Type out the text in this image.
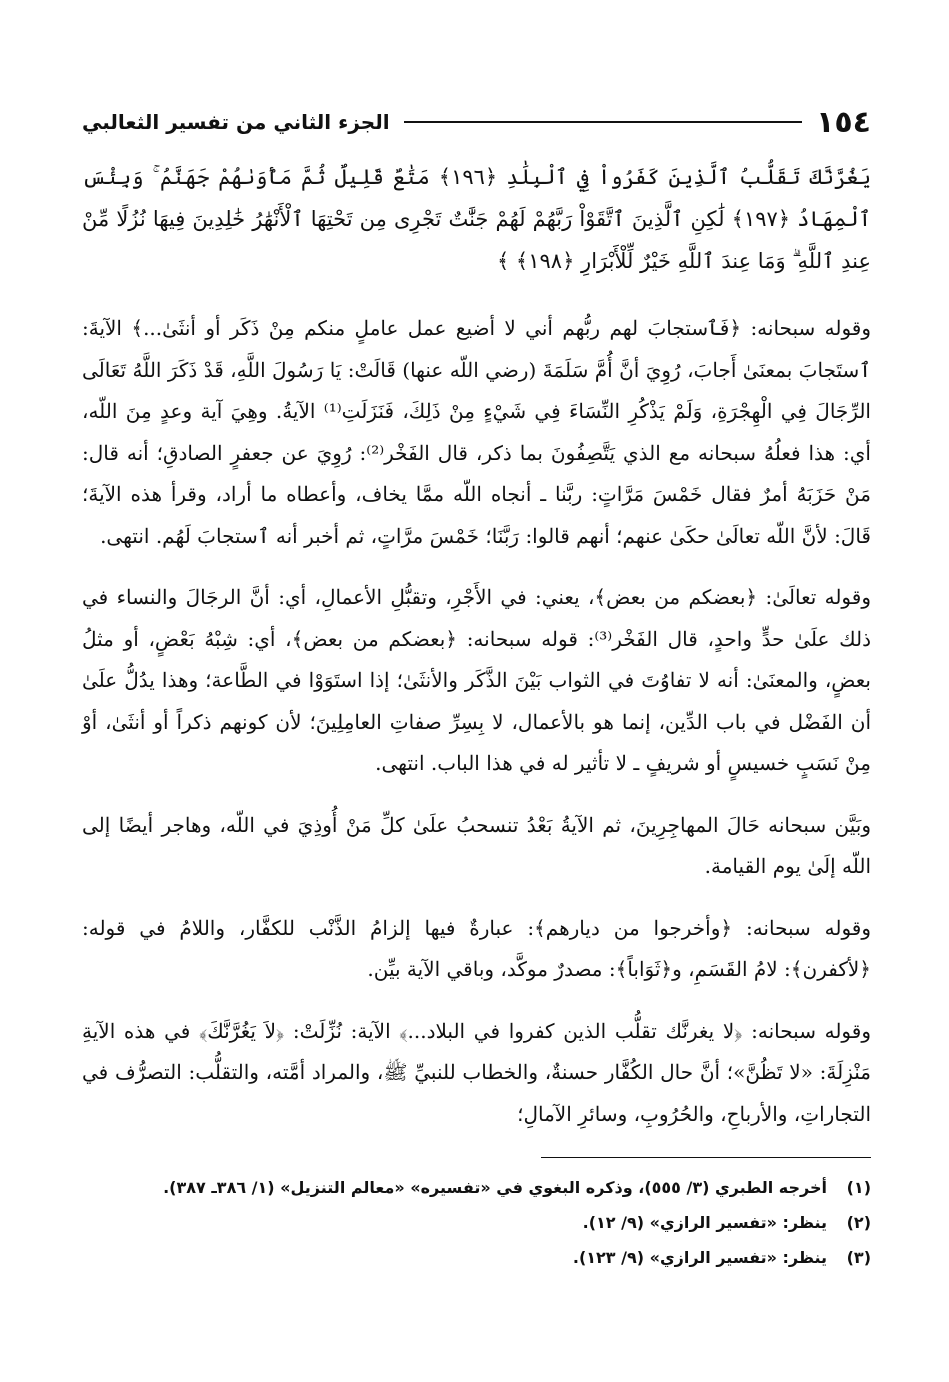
١٥٤
الجزء الثاني من تفسير الثعالبي
يَغُرَّنَّكَ تَقَلُّبُ ٱلَّذِينَ كَفَرُواْ فِي ٱلْبِلَٰدِ ﴿١٩٦﴾ مَتَٰعٌ قَلِيلٌ ثُمَّ مَأْوَىٰهُمْ جَهَنَّمُ ۚ وَبِئْسَ ٱلْمِهَادُ ﴿١٩٧﴾ لَٰكِنِ ٱلَّذِينَ ٱتَّقَوْاْ رَبَّهُمْ لَهُمْ جَنَّٰتٌ تَجْرِى مِن تَحْتِهَا ٱلْأَنْهَٰرُ خَٰلِدِينَ فِيهَا نُزُلًا مِّنْ عِندِ ٱللَّهِ ۗ وَمَا عِندَ ٱللَّهِ خَيْرٌ لِّلْأَبْرَارِ ﴿١٩٨﴾ ﴾

وقوله سبحانه: ﴿فَٱستجابَ لهم ربُّهم أني لا أضيع عمل عاملٍ منكم مِنْ ذَكَر أو أنثَىٰ...﴾ الآيةَ: ٱستَجابَ بمعنَىٰ أَجابَ، رُوِيَ أنَّ أُمَّ سَلَمَةَ (رضي اللّه عنها) قَالَتْ: يَا رَسُولَ اللَّهِ، قَدْ ذَكَرَ اللَّهُ تَعَالَى الرِّجَالَ فِي الْهِجْرَةِ، وَلَمْ يَذْكُرِ النِّسَاءَ فِي شَيْءٍ مِنْ ذَلِكَ، فَنَزَلَتِ⁽¹⁾ الآيةُ. وهِيَ آية وعدٍ مِنَ اللّه، أي: هذا فعلُهُ سبحانه مع الذي يَتَّصِفُونَ بما ذكر، قال الفَخْر⁽²⁾: رُوِيَ عن جعفرٍ الصادقِ؛ أنه قال: مَنْ حَزَبَهُ أمرٌ فقال خَمْسَ مَرَّاتٍ: ربَّنا ـ أنجاه اللّه ممَّا يخاف، وأعطاه ما أراد، وقرأ هذه الآيةَ؛ قَالَ: لأنَّ اللّه تعالَىٰ حكَىٰ عنهم؛ أنهم قالوا: رَبَّنَا؛ خَمْسَ مرَّاتٍ، ثم أخبر أنه ٱستجابَ لَهُم. انتهى.

وقوله تعالَىٰ: ﴿بعضكم من بعض﴾، يعني: في الأَجْرِ، وتقبُّلِ الأعمالِ، أي: أنَّ الرجَالَ والنساء في ذلك علَىٰ حدٍّ واحدٍ، قال الفَخْر⁽³⁾: قوله سبحانه: ﴿بعضكم من بعض﴾، أي: شِبْهُ بَعْضٍ، أو مثلُ بعضٍ، والمعنَىٰ: أنه لا تفاوُتَ في الثواب بَيْنَ الذَّكَر والأنثَىٰ؛ إذا استَوَوْا في الطَّاعة؛ وهذا يدُلُّ علَىٰ أن الفَضْل في باب الدِّين، إنما هو بالأعمال، لا بِسِرِّ صفاتِ العامِلِينَ؛ لأن كونهم ذكراً أو أنثَىٰ، أوْ مِنْ نَسَبٍ خسيسٍ أو شريفٍ ـ لا تأثير له في هذا الباب. انتهى.

وبَيَّن سبحانه حَالَ المهاجِرِينَ، ثم الآيةُ بَعْدُ تنسحبُ علَىٰ كلِّ مَنْ أُوذِيَ في اللّه، وهاجر أيضًا إلى اللّه إلَىٰ يوم القيامة.

وقوله سبحانه: ﴿وأخرجوا من ديارهم﴾: عبارةٌ فيها إلزامُ الذَّنْب للكفَّار، واللامُ في قوله: ﴿لأكفرن﴾: لامُ القَسَمِ، و﴿ثَوَاباً﴾: مصدرٌ موكَّد، وباقي الآية بيِّن.

وقوله سبحانه: ﴿لا يغرنَّك تقلُّب الذين كفروا في البلاد...﴾ الآية: نُزِّلَتْ: ﴿لاَ يَغُرَّنَّكَ﴾ في هذه الآيةِ مَنْزِلَةَ: «لا تَظُنَّ»؛ أنَّ حال الكُفَّار حسنةٌ، والخطاب للنبيِّ ﷺ، والمراد أمَّته، والتقلُّب: التصرُّف في التجاراتِ، والأرباحِ، والحُرُوبِ، وسائرِ الآمالِ؛

(١)
أخرجه الطبري (٣/ ٥٥٥)، وذكره البغوي في «تفسيره» «معالم التنزيل» (١/ ٣٨٦ـ ٣٨٧).
(٢)
ينظر: «تفسير الرازي» (٩/ ١٢).
(٣)
ينظر: «تفسير الرازي» (٩/ ١٢٣).
